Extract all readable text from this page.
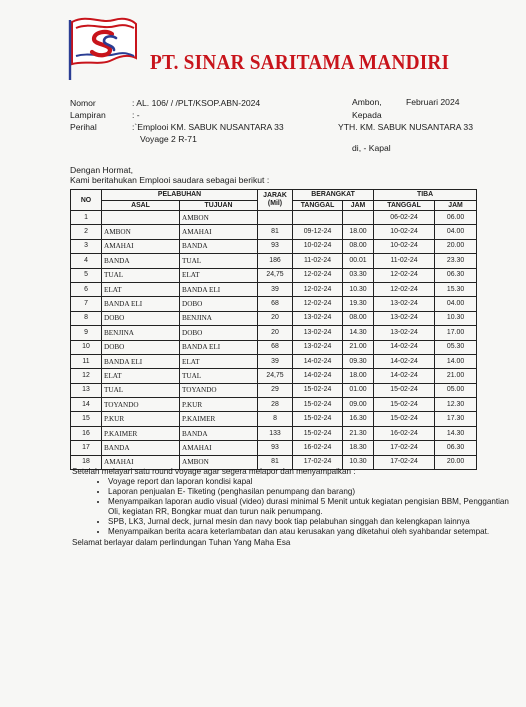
PT. SINAR SARITAMA MANDIRI
Nomor	: AL. 106/ / /PLT/KSOP.ABN-2024
Lampiran	: -
Perihal	:`Emplooi KM. SABUK NUSANTARA 33
Voyage 2 R-71
Ambon,	Februari 2024
Kepada
YTH. KM. SABUK NUSANTARA 33
di, - Kapal
Dengan Hormat,
Kami beritahukan Emplooi saudara sebagai berikut :
NO	PELABUHAN		JARAK
(Mil)	BERANGKAT		TIBA	
	ASAL	TUJUAN		TANGGAL	JAM	TANGGAL	JAM
1		AMBON				06-02-24	06.00
2	AMBON	AMAHAI	81	09-12-24	18.00	10-02-24	04.00
3	AMAHAI	BANDA	93	10-02-24	08.00	10-02-24	20.00
4	BANDA	TUAL	186	11-02-24	00.01	11-02-24	23.30
5	TUAL	ELAT	24,75	12-02-24	03.30	12-02-24	06.30
6	ELAT	BANDA ELI	39	12-02-24	10.30	12-02-24	15.30
7	BANDA ELI	DOBO	68	12-02-24	19.30	13-02-24	04.00
8	DOBO	BENJINA	20	13-02-24	08.00	13-02-24	10.30
9	BENJINA	DOBO	20	13-02-24	14.30	13-02-24	17.00
10	DOBO	BANDA ELI	68	13-02-24	21.00	14-02-24	05.30
11	BANDA ELI	ELAT	39	14-02-24	09.30	14-02-24	14.00
12	ELAT	TUAL	24,75	14-02-24	18.00	14-02-24	21.00
13	TUAL	TOYANDO	29	15-02-24	01.00	15-02-24	05.00
14	TOYANDO	P.KUR	28	15-02-24	09.00	15-02-24	12.30
15	P.KUR	P.KAIMER	8	15-02-24	16.30	15-02-24	17.30
16	P.KAIMER	BANDA	133	15-02-24	21.30	16-02-24	14.30
17	BANDA	AMAHAI	93	16-02-24	18.30	17-02-24	06.30
18	AMAHAI	AMBON	81	17-02-24	10.30	17-02-24	20.00
Setelah melayari satu round voyage agar segera melapor dan menyampaikan :
• Voyage report dan laporan kondisi kapal
• Laporan penjualan E- Tiketing (penghasilan penumpang dan barang)
• Menyampaikan laporan audio visual (video) durasi minimal 5 Menit untuk kegiatan pengisian BBM, Penggantian Oli, kegiatan RR, Bongkar muat dan turun naik penumpang.
• SPB, LK3, Jurnal deck, jurnal mesin dan navy book tiap pelabuhan singgah dan kelengkapan lainnya
• Menyampaikan berita acara keterlambatan dan atau kerusakan yang diketahui oleh syahbandar setempat.
Selamat berlayar dalam perlindungan Tuhan Yang Maha Esa
